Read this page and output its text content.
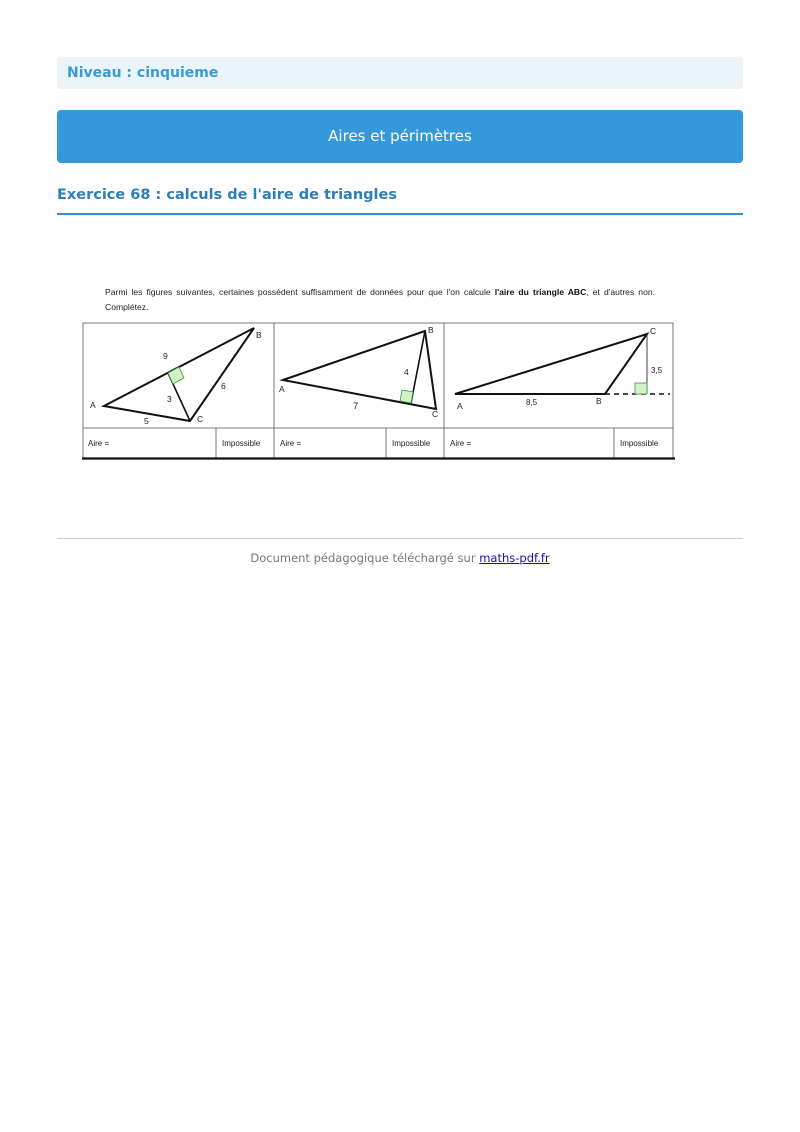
Niveau : cinquieme
Aires et périmètres
Exercice 68 : calculs de l'aire de triangles
Parmi les figures suivantes, certaines possèdent suffisamment de données pour que l'on calcule l'aire du triangle ABC, et d'autres non. Complétez.
A
B
C
9
3
6
5
A
B
C
4
7	A	B
C
3,5
8,5
Aire =	Impossible Aire =	Impossible Aire =	Impossible
Document pédagogique téléchargé sur maths-pdf.fr
